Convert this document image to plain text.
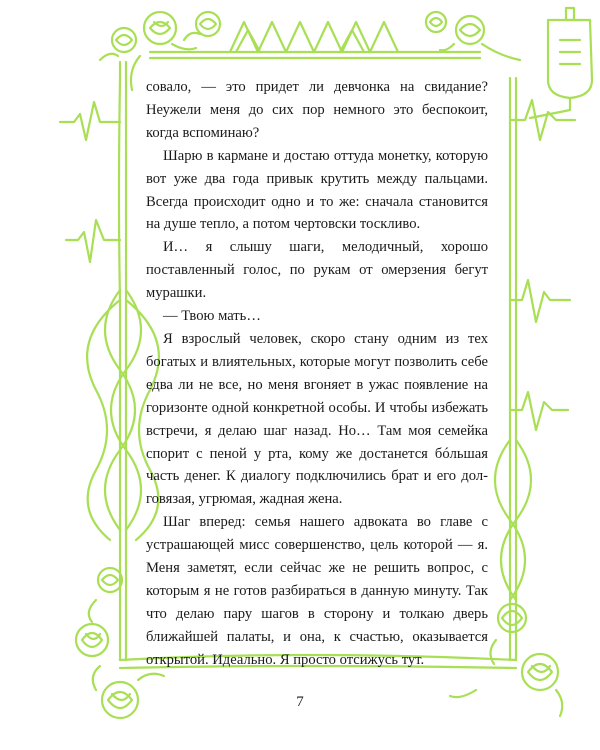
совало, — это придет ли девчонка на свидание? Неужели меня до сих пор немного это беспокоит, когда вспоминаю?

Шарю в кармане и достаю оттуда монетку, которую вот уже два года привык крутить между пальцами. Всегда происходит одно и то же: сначала становится на душе тепло, а потом чертовски тоскливо.

И… я слышу шаги, мелодичный, хорошо поставленный голос, по рукам от омерзения бегут мурашки.

— Твою мать…

Я взрослый человек, скоро стану одним из тех богатых и влиятельных, которые могут позволить себе едва ли не все, но меня вгоняет в ужас появление на горизонте одной конкретной особы. И чтобы избежать встречи, я делаю шаг назад. Но… Там моя семейка спорит с пеной у рта, кому же достанется бóльшая часть денег. К диалогу подключились брат и его долговязая, угрюмая, жадная жена.

Шаг вперед: семья нашего адвоката во главе с устрашающей мисс совершенство, цель которой — я. Меня заметят, если сейчас же не решить вопрос, с которым я не готов разбираться в данную минуту. Так что делаю пару шагов в сторону и толкаю дверь ближайшей палаты, и она, к счастью, оказывается открытой. Идеально. Я просто отсижусь тут.

7
